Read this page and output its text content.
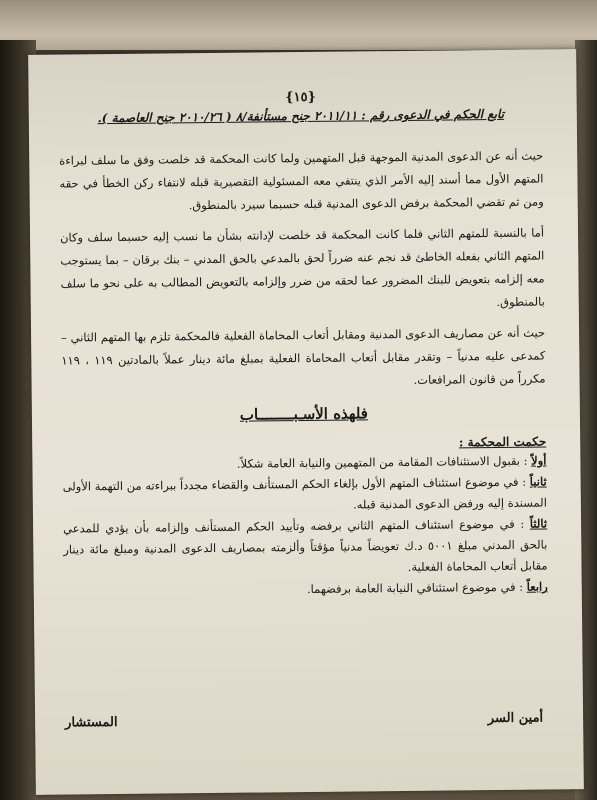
{١٥}
تابع الحكم في الدعوى رقم : ٢٠١١/١١ جنح مستأنفة/٨ ( ٢٠١٠/٢٦ جنح العاصمة ).

حيث أنه عن الدعوى المدنية الموجهة قبل المتهمين ولما كانت المحكمة قد خلصت وفق ما سلف لبراءة المتهم الأول مما أسند إليه الأمر الذي ينتفي معه المسئولية التقصيرية قبله لانتفاء ركن الخطأ في حقه ومن ثم تقضي المحكمة برفض الدعوى المدنية قبله حسبما سيرد بالمنطوق.

أما بالنسبة للمتهم الثاني فلما كانت المحكمة قد خلصت لإدانته بشأن ما نسب إليه حسبما سلف وكان المتهم الثاني بفعله الخاطئ قد نجم عنه ضرراً لحق بالمدعي بالحق المدني – بنك برقان – بما يستوجب معه إلزامه بتعويض للبنك المضرور عما لحقه من ضرر وإلزامه بالتعويض المطالب به على نحو ما سلف بالمنطوق.

حيث أنه عن مصاريف الدعوى المدنية ومقابل أتعاب المحاماة الفعلية فالمحكمة تلزم بها المتهم الثاني – كمدعى عليه مدنياً – وتقدر مقابل أتعاب المحاماة الفعلية بمبلغ مائة دينار عملاً بالمادتين ١١٩ ، ١١٩ مكرراً من قانون المرافعات.

فلهذه الأسـبــــــــاب
حكمت المحكمة :

أولاً : بقبول الاستئنافات المقامة من المتهمين والنيابة العامة شكلاً.

ثانياً : في موضوع استئناف المتهم الأول بإلغاء الحكم المستأنف والقضاء مجدداً ببراءته من التهمة الأولى المسندة إليه ورفض الدعوى المدنية قبله.

ثالثاً : في موضوع استئناف المتهم الثاني برفضه وتأييد الحكم المستأنف وإلزامه بأن يؤدي للمدعي بالحق المدني مبلغ ٥٠٠١ د.ك تعويضاً مدنياً مؤقتاً وألزمته بمصاريف الدعوى المدنية ومبلغ مائة دينار مقابل أتعاب المحاماة الفعلية.

رابعاً : في موضوع استئنافي النيابة العامة برفضهما.

أمين السر
المستشار
